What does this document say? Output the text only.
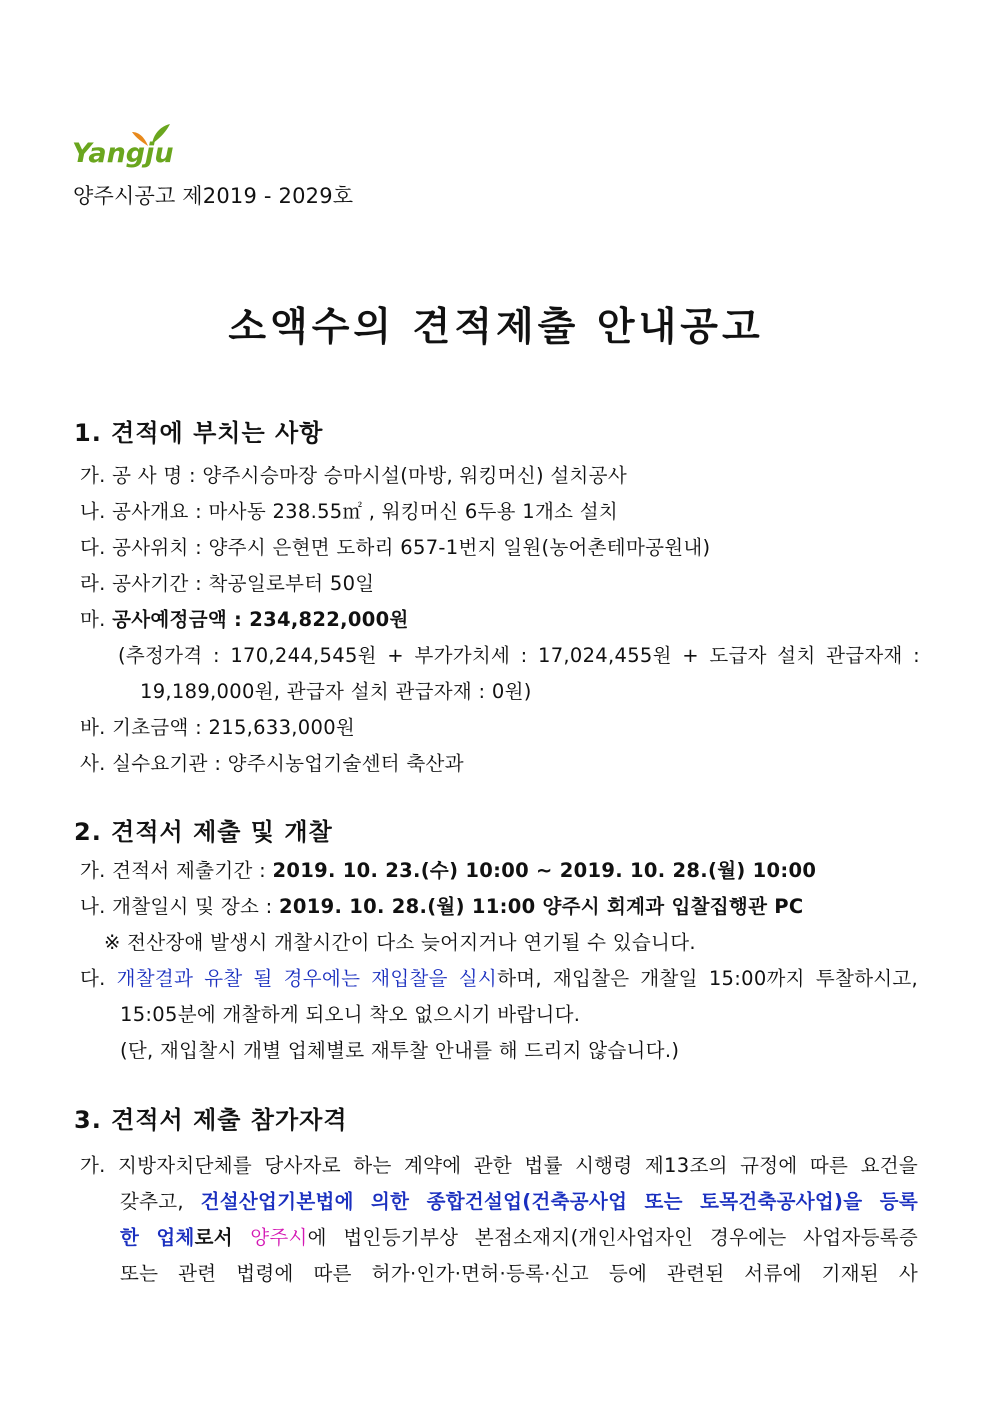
Yangju
양주시공고 제2019 - 2029호
소액수의 견적제출 안내공고
1. 견적에 부치는 사항
가. 공 사 명 : 양주시승마장 승마시설(마방, 워킹머신) 설치공사
나. 공사개요 : 마사동 238.55㎡ , 워킹머신 6두용 1개소 설치
다. 공사위치 : 양주시 은현면 도하리 657-1번지 일원(농어촌테마공원내)
라. 공사기간 : 착공일로부터 50일
마. 공사예정금액 : 234,822,000원
(추정가격 : 170,244,545원 + 부가가치세 : 17,024,455원 + 도급자 설치 관급자재 :
19,189,000원, 관급자 설치 관급자재 : 0원)
바. 기초금액 : 215,633,000원
사. 실수요기관 : 양주시농업기술센터 축산과
2. 견적서 제출 및 개찰
가. 견적서 제출기간 : 2019. 10. 23.(수) 10:00 ~ 2019. 10. 28.(월) 10:00
나. 개찰일시 및 장소 : 2019. 10. 28.(월) 11:00 양주시 회계과 입찰집행관 PC
※ 전산장애 발생시 개찰시간이 다소 늦어지거나 연기될 수 있습니다.
다. 개찰결과 유찰 될 경우에는 재입찰을 실시하며, 재입찰은 개찰일 15:00까지 투찰하시고,
15:05분에 개찰하게 되오니 착오 없으시기 바랍니다.
(단, 재입찰시 개별 업체별로 재투찰 안내를 해 드리지 않습니다.)
3. 견적서 제출 참가자격
가. 지방자치단체를 당사자로 하는 계약에 관한 법률 시행령 제13조의 규정에 따른 요건을
갖추고, 건설산업기본법에 의한 종합건설업(건축공사업 또는 토목건축공사업)을 등록
한 업체로서 양주시에 법인등기부상 본점소재지(개인사업자인 경우에는 사업자등록증
또는 관련 법령에 따른 허가·인가·면허·등록·신고 등에 관련된 서류에 기재된 사
